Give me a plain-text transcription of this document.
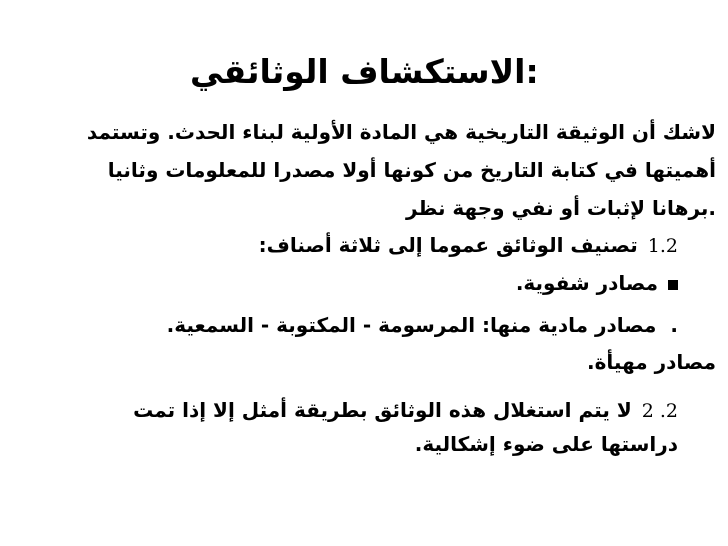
الاستكشاف الوثائقي:
لاشك أن الوثيقة التاريخية هي المادة الأولية لبناء الحدث. وتستمد
أهميتها في كتابة التاريخ من كونها أولا مصدرا للمعلومات وثانيا
.برهانا لإثبات أو نفي وجهة نظر
1.2تصنيف الوثائق عموما إلى ثلاثة أصناف:
مصادر شفوية.
.مصادر مادية منها: المرسومة - المكتوبة - السمعية.
مصادر مهيأة.
2. 2لا يتم استغلال هذه الوثائق بطريقة أمثل إلا إذا تمت
دراستها على ضوء إشكالية.
